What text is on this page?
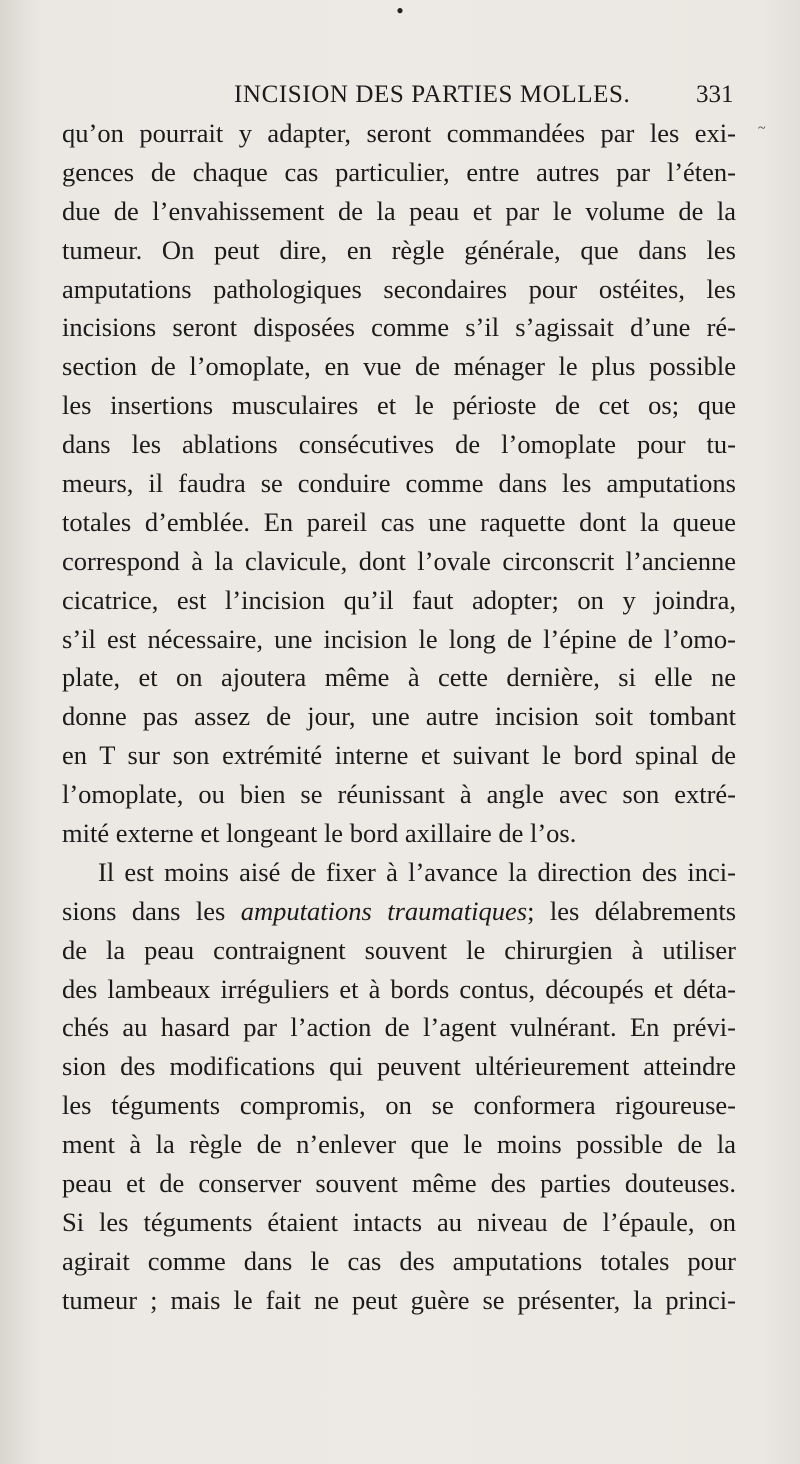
●
INCISION DES PARTIES MOLLES.	331
~
qu’on pourrait y adapter, seront commandées par les exi-
gences de chaque cas particulier, entre autres par l’éten-
due de l’envahissement de la peau et par le volume de la
tumeur. On peut dire, en règle générale, que dans les
amputations pathologiques secondaires pour ostéites, les
incisions seront disposées comme s’il s’agissait d’une ré-
section de l’omoplate, en vue de ménager le plus possible
les insertions musculaires et le périoste de cet os; que
dans les ablations consécutives de l’omoplate pour tu-
meurs, il faudra se conduire comme dans les amputations
totales d’emblée. En pareil cas une raquette dont la queue
correspond à la clavicule, dont l’ovale circonscrit l’ancienne
cicatrice, est l’incision qu’il faut adopter; on y joindra,
s’il est nécessaire, une incision le long de l’épine de l’omo-
plate, et on ajoutera même à cette dernière, si elle ne
donne pas assez de jour, une autre incision soit tombant
en T sur son extrémité interne et suivant le bord spinal de
l’omoplate, ou bien se réunissant à angle avec son extré-
mité externe et longeant le bord axillaire de l’os.
Il est moins aisé de fixer à l’avance la direction des inci-
sions dans les amputations traumatiques; les délabrements
de la peau contraignent souvent le chirurgien à utiliser
des lambeaux irréguliers et à bords contus, découpés et déta-
chés au hasard par l’action de l’agent vulnérant. En prévi-
sion des modifications qui peuvent ultérieurement atteindre
les téguments compromis, on se conformera rigoureuse-
ment à la règle de n’enlever que le moins possible de la
peau et de conserver souvent même des parties douteuses.
Si les téguments étaient intacts au niveau de l’épaule, on
agirait comme dans le cas des amputations totales pour
tumeur ; mais le fait ne peut guère se présenter, la princi-
